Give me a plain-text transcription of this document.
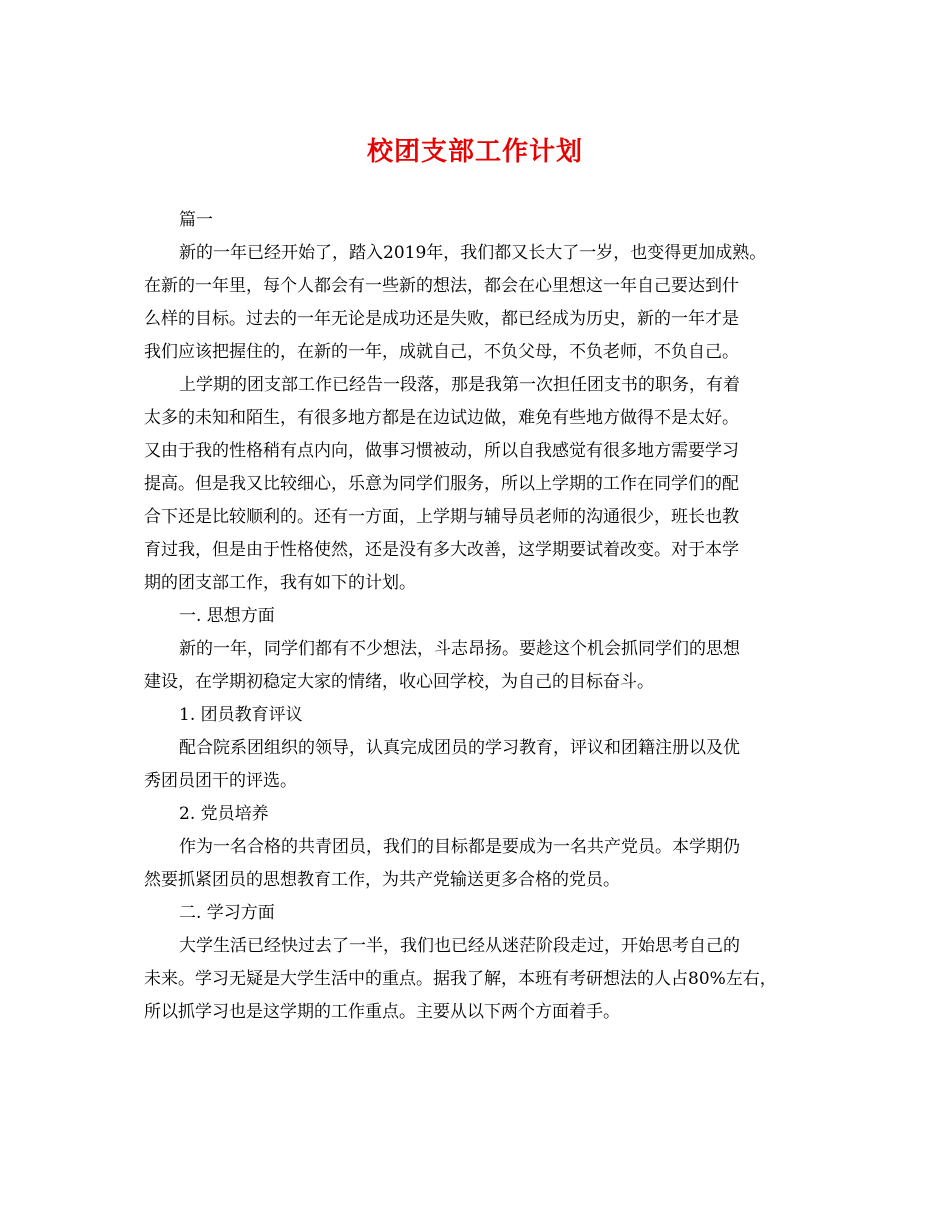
校团支部工作计划
篇一
新的一年已经开始了，踏入2019年，我们都又长大了一岁，也变得更加成熟。
在新的一年里，每个人都会有一些新的想法，都会在心里想这一年自己要达到什
么样的目标。过去的一年无论是成功还是失败，都已经成为历史，新的一年才是
我们应该把握住的，在新的一年，成就自己，不负父母，不负老师，不负自己。
上学期的团支部工作已经告一段落，那是我第一次担任团支书的职务，有着
太多的未知和陌生，有很多地方都是在边试边做，难免有些地方做得不是太好。
又由于我的性格稍有点内向，做事习惯被动，所以自我感觉有很多地方需要学习
提高。但是我又比较细心，乐意为同学们服务，所以上学期的工作在同学们的配
合下还是比较顺利的。还有一方面，上学期与辅导员老师的沟通很少，班长也教
育过我，但是由于性格使然，还是没有多大改善，这学期要试着改变。对于本学
期的团支部工作，我有如下的计划。
一. 思想方面
新的一年，同学们都有不少想法，斗志昂扬。要趁这个机会抓同学们的思想
建设，在学期初稳定大家的情绪，收心回学校，为自己的目标奋斗。
1. 团员教育评议
配合院系团组织的领导，认真完成团员的学习教育，评议和团籍注册以及优
秀团员团干的评选。
2. 党员培养
作为一名合格的共青团员，我们的目标都是要成为一名共产党员。本学期仍
然要抓紧团员的思想教育工作，为共产党输送更多合格的党员。
二. 学习方面
大学生活已经快过去了一半，我们也已经从迷茫阶段走过，开始思考自己的
未来。学习无疑是大学生活中的重点。据我了解，本班有考研想法的人占80%左右，
所以抓学习也是这学期的工作重点。主要从以下两个方面着手。
